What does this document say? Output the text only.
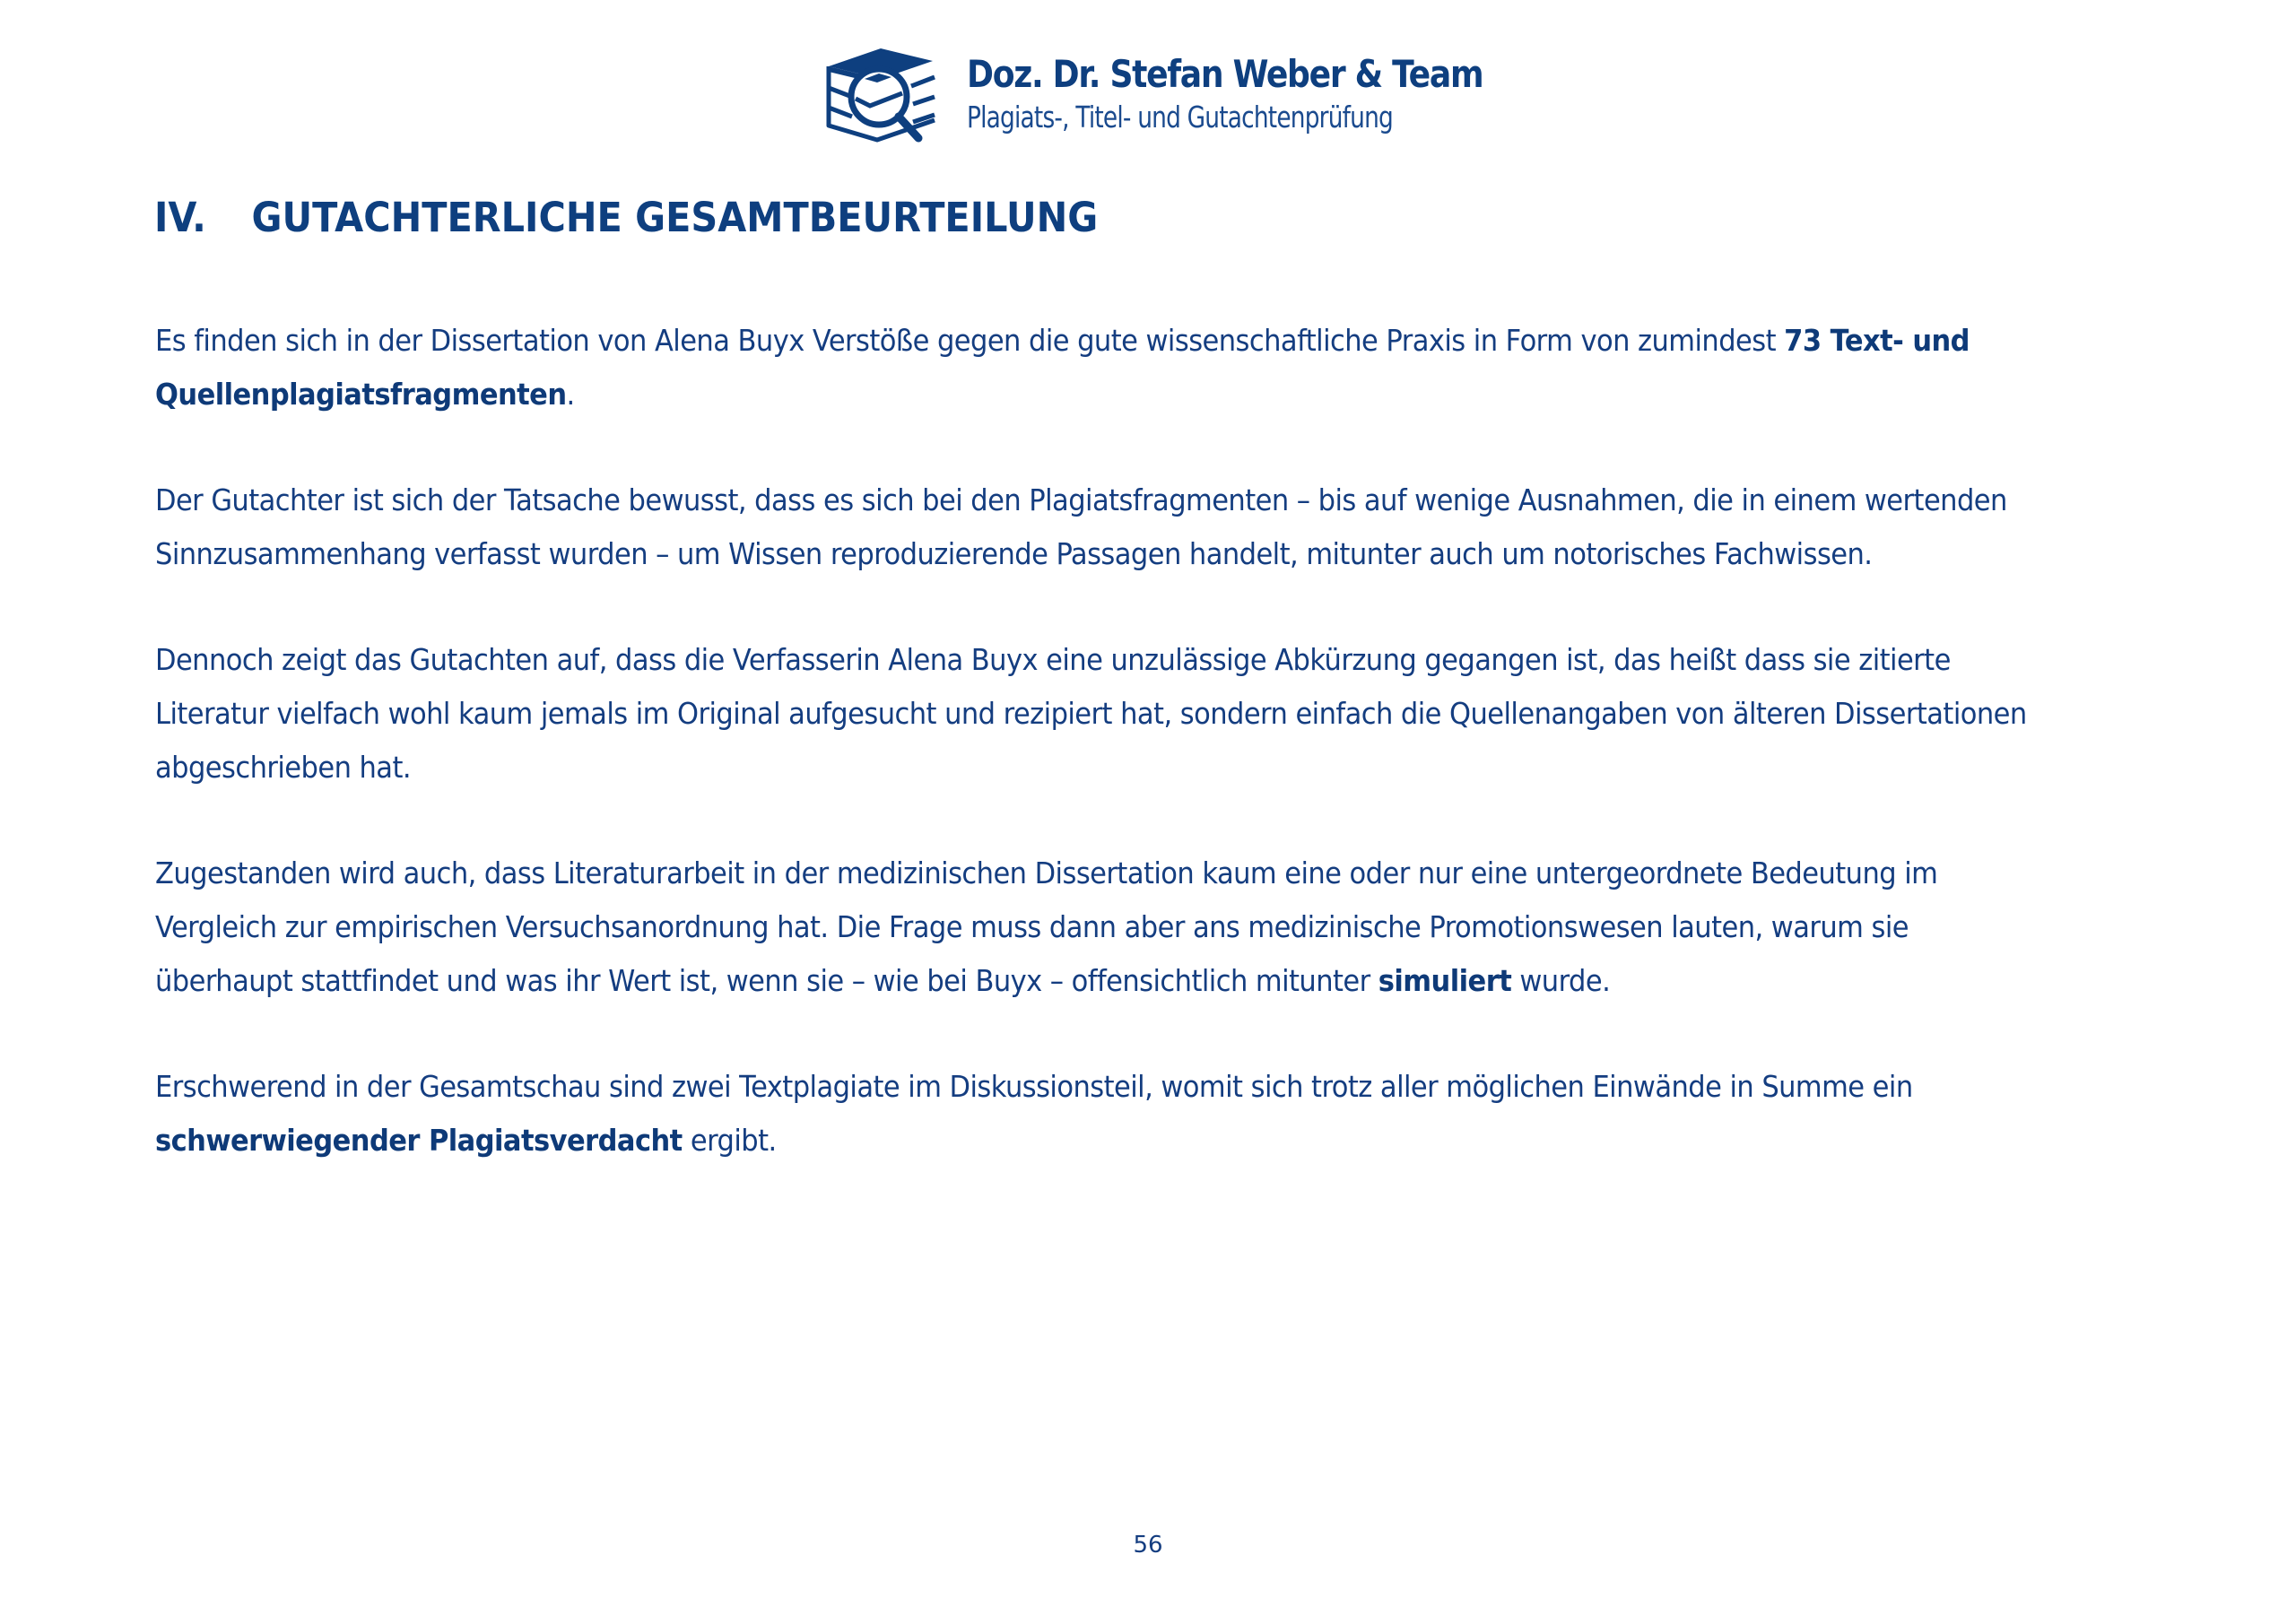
Doz. Dr. Stefan Weber & Team
Plagiats-, Titel- und Gutachtenprüfung
IV.	GUTACHTERLICHE GESAMTBEURTEILUNG

Es finden sich in der Dissertation von Alena Buyx Verstöße gegen die gute wissenschaftliche Praxis in Form von zumindest 73 Text- und
Quellenplagiatsfragmenten.

Der Gutachter ist sich der Tatsache bewusst, dass es sich bei den Plagiatsfragmenten – bis auf wenige Ausnahmen, die in einem wertenden
Sinnzusammenhang verfasst wurden – um Wissen reproduzierende Passagen handelt, mitunter auch um notorisches Fachwissen.

Dennoch zeigt das Gutachten auf, dass die Verfasserin Alena Buyx eine unzulässige Abkürzung gegangen ist, das heißt dass sie zitierte
Literatur vielfach wohl kaum jemals im Original aufgesucht und rezipiert hat, sondern einfach die Quellenangaben von älteren Dissertationen
abgeschrieben hat.

Zugestanden wird auch, dass Literaturarbeit in der medizinischen Dissertation kaum eine oder nur eine untergeordnete Bedeutung im
Vergleich zur empirischen Versuchsanordnung hat. Die Frage muss dann aber ans medizinische Promotionswesen lauten, warum sie
überhaupt stattfindet und was ihr Wert ist, wenn sie – wie bei Buyx – offensichtlich mitunter simuliert wurde.

Erschwerend in der Gesamtschau sind zwei Textplagiate im Diskussionsteil, womit sich trotz aller möglichen Einwände in Summe ein
schwerwiegender Plagiatsverdacht ergibt.

56
